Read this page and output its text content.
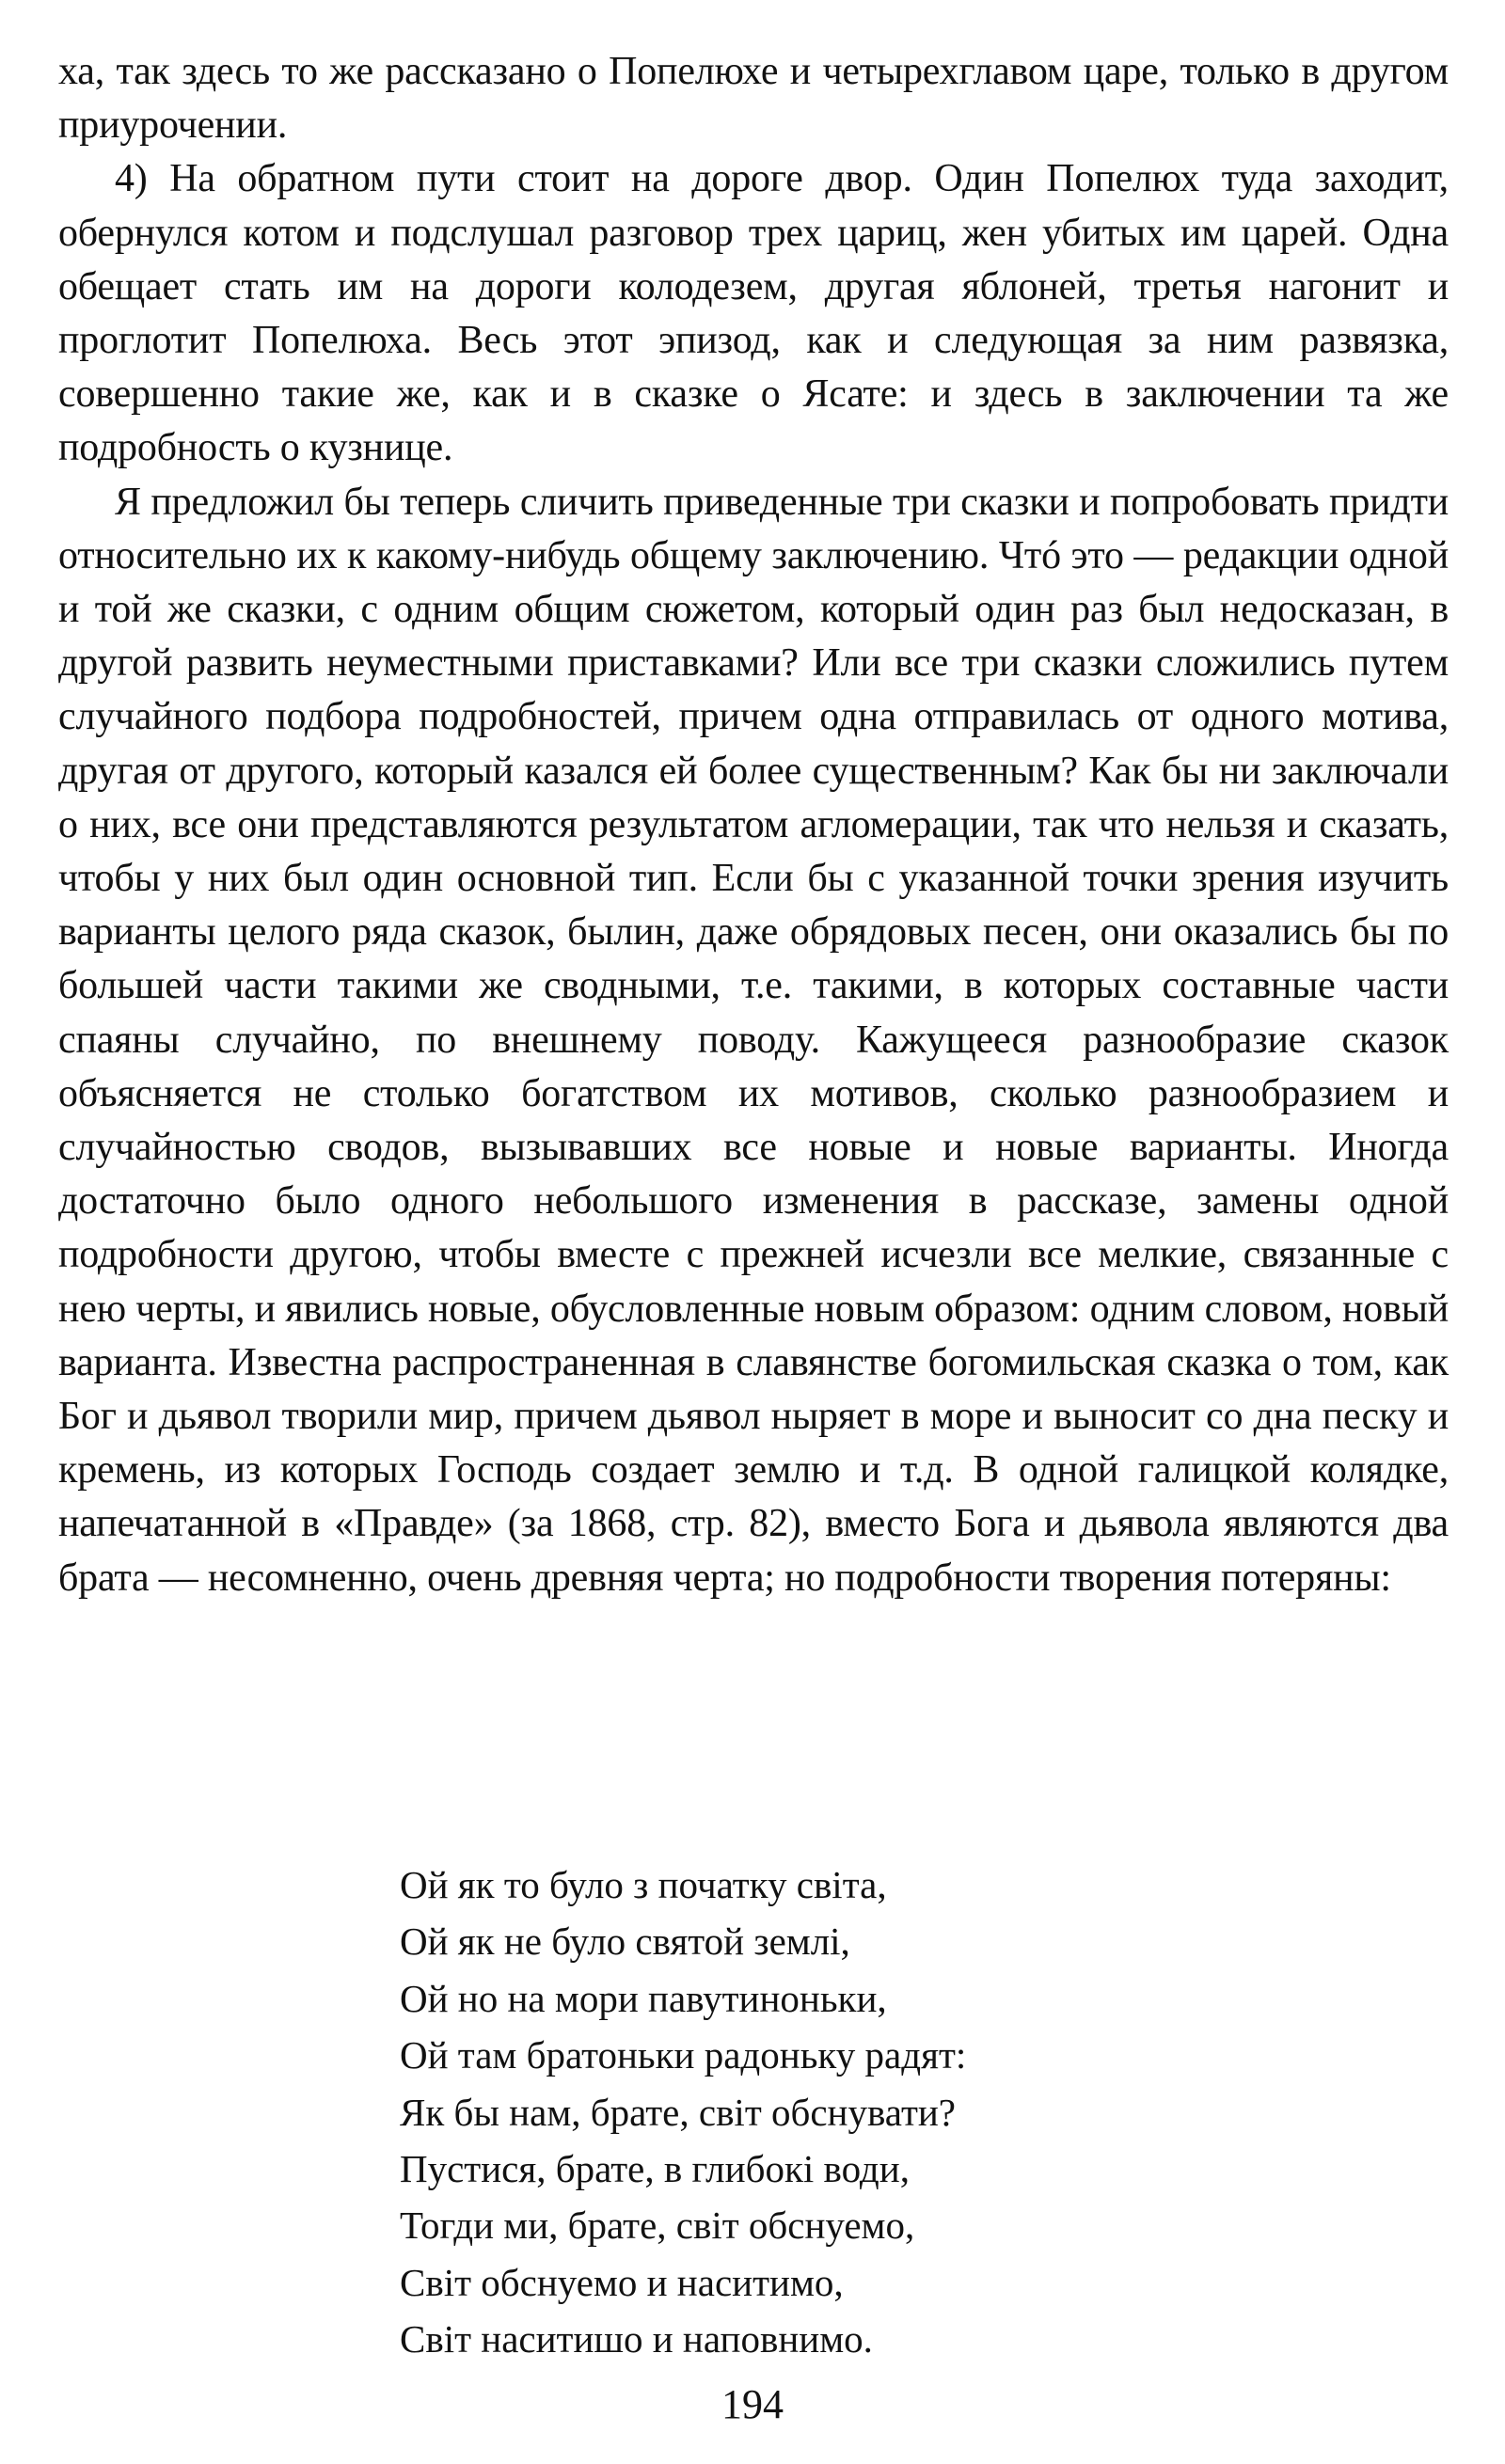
ха, так здесь то же рассказано о Попелюхе и четырехглавом царе, только в другом приурочении.

4) На обратном пути стоит на дороге двор. Один Попелюх туда заходит, обернулся котом и подслушал разговор трех цариц, жен убитых им царей. Одна обещает стать им на дороги колодезем, другая яблоней, третья нагонит и проглотит Попелюха. Весь этот эпизод, как и следующая за ним развязка, совершенно такие же, как и в сказке о Ясате: и здесь в заключении та же подробность о кузнице.

Я предложил бы теперь сличить приведенные три сказки и попробовать придти относительно их к какому-нибудь общему заключению. Чтó это — редакции одной и той же сказки, с одним общим сюжетом, который один раз был недосказан, в другой развить неуместными приставками? Или все три сказки сложились путем случайного подбора подробностей, причем одна отправилась от одного мотива, другая от другого, который казался ей более существенным? Как бы ни заключали о них, все они представляются результатом агломерации, так что нельзя и сказать, чтобы у них был один основной тип. Если бы с указанной точки зрения изучить варианты целого ряда сказок, былин, даже обрядовых песен, они оказались бы по большей части такими же сводными, т.е. такими, в которых составные части спаяны случайно, по внешнему поводу. Кажущееся разнообразие сказок объясняется не столько богатством их мотивов, сколько разнообразием и случайностью сводов, вызывавших все новые и новые варианты. Иногда достаточно было одного небольшого изменения в рассказе, замены одной подробности другою, чтобы вместе с прежней исчезли все мелкие, связанные с нею черты, и явились новые, обусловленные новым образом: одним словом, новый варианта. Известна распространенная в славянстве богомильская сказка о том, как Бог и дьявол творили мир, причем дьявол ныряет в море и выносит со дна песку и кремень, из которых Господь создает землю и т.д. В одной галицкой колядке, напечатанной в «Правде» (за 1868, стр. 82), вместо Бога и дьявола являются два брата — несомненно, очень древняя черта; но подробности творения потеряны:

Ой як то було з початку світа,
Ой як не було святой землі,
Ой но на мори павутиноньки,
Ой там братоньки радоньку радят:
Як бы нам, брате, світ обснувати?
Пустися, брате, в глибокі води,
Тогди ми, брате, світ обснуемо,
Світ обснуемо и наситимо,
Світ наситишо и наповнимо.
194
